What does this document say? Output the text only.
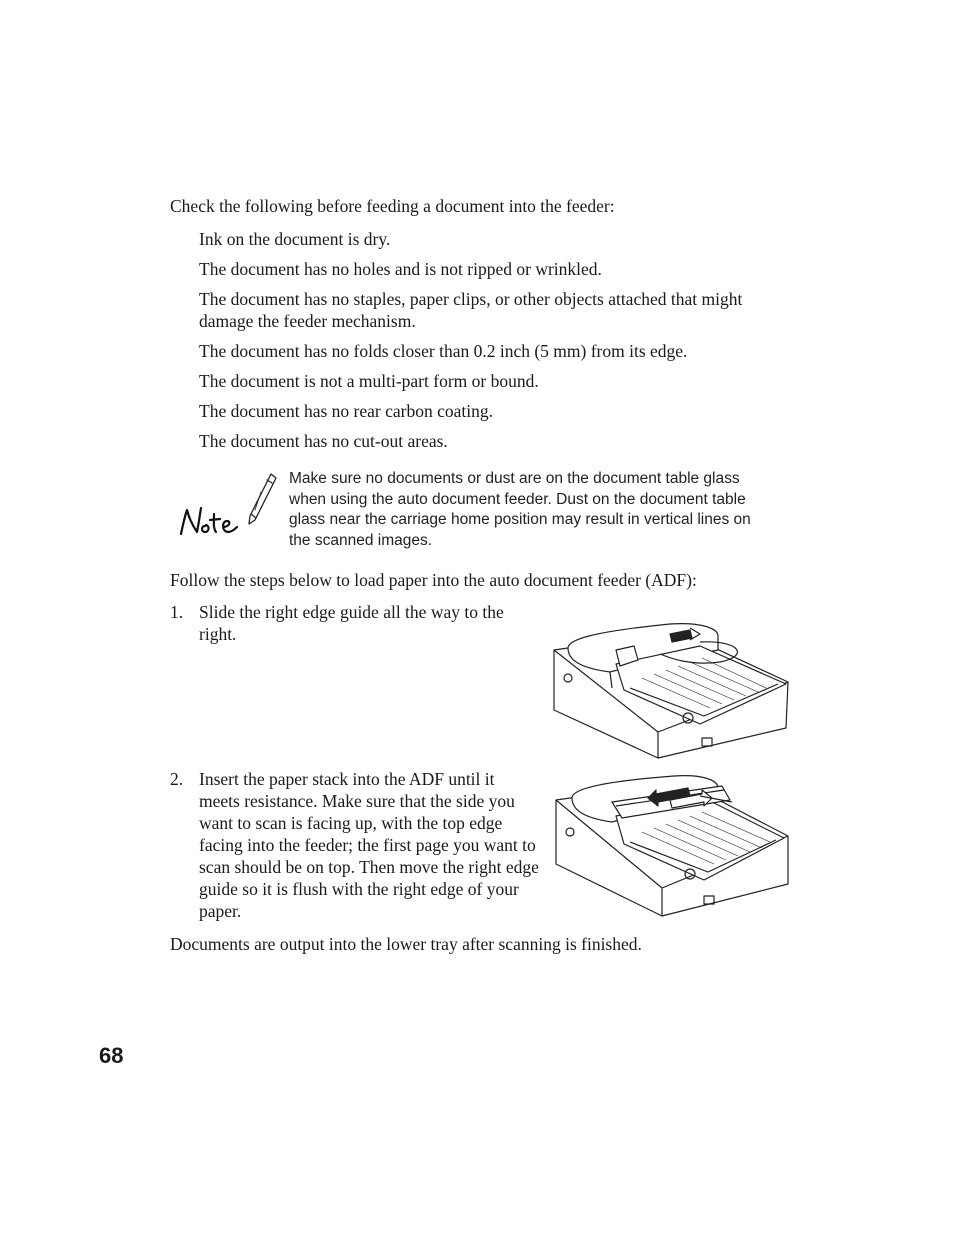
Check the following before feeding a document into the feeder:

Ink on the document is dry.

The document has no holes and is not ripped or wrinkled.

The document has no staples, paper clips, or other objects attached that might damage the feeder mechanism.

The document has no folds closer than 0.2 inch (5 mm) from its edge.

The document is not a multi-part form or bound.

The document has no rear carbon coating.

The document has no cut-out areas.

Make sure no documents or dust are on the document table glass when using the auto document feeder. Dust on the document table glass near the carriage home position may result in vertical lines on the scanned images.

Follow the steps below to load paper into the auto document feeder (ADF):

1. Slide the right edge guide all the way to the right.

2. Insert the paper stack into the ADF until it meets resistance. Make sure that the side you want to scan is facing up, with the top edge facing into the feeder; the first page you want to scan should be on top. Then move the right edge guide so it is flush with the right edge of your paper.

Documents are output into the lower tray after scanning is finished.

68
